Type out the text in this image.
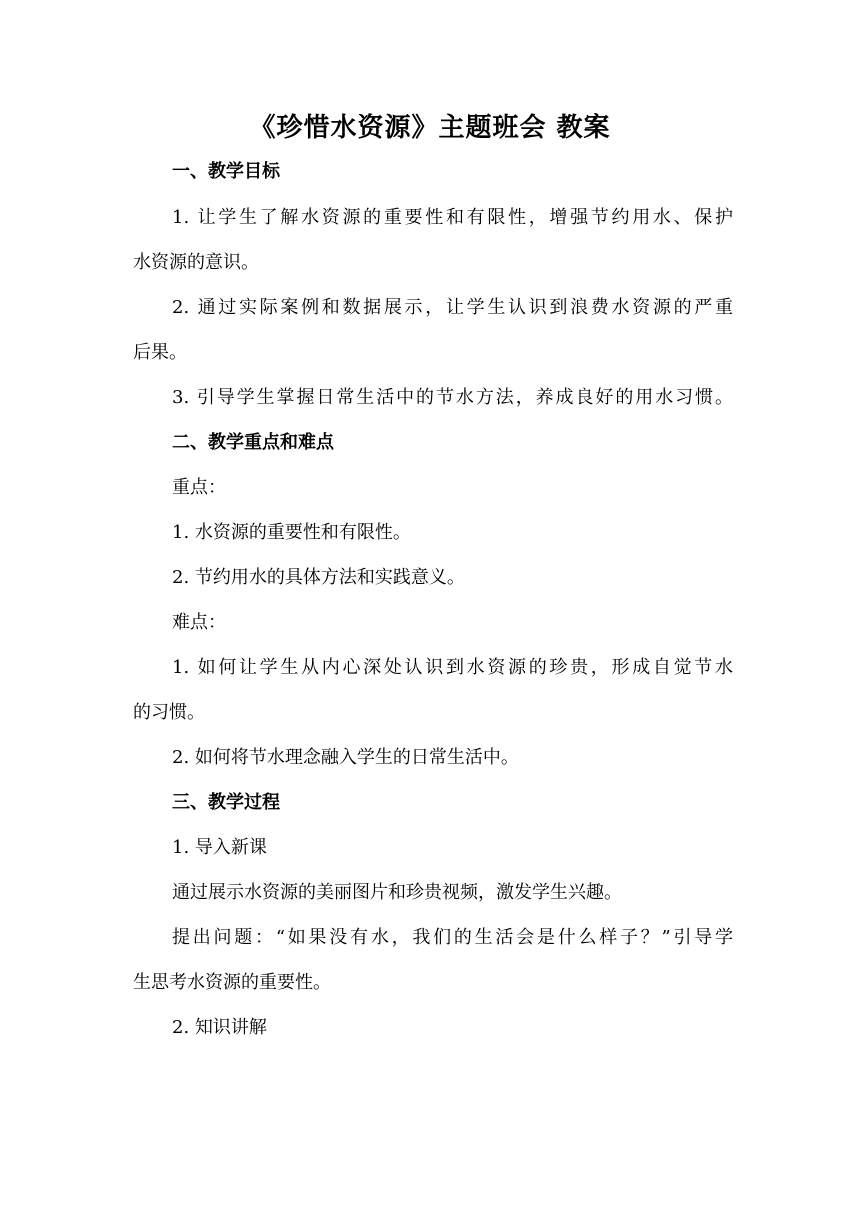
《珍惜水资源》主题班会 教案
一、教学目标
1. 让学生了解水资源的重要性和有限性，增强节约用水、保护
水资源的意识。
2. 通过实际案例和数据展示，让学生认识到浪费水资源的严重
后果。
3. 引导学生掌握日常生活中的节水方法，养成良好的用水习惯。
二、教学重点和难点
重点：
1. 水资源的重要性和有限性。
2. 节约用水的具体方法和实践意义。
难点：
1. 如何让学生从内心深处认识到水资源的珍贵，形成自觉节水
的习惯。
2. 如何将节水理念融入学生的日常生活中。
三、教学过程
1. 导入新课
通过展示水资源的美丽图片和珍贵视频，激发学生兴趣。
提出问题：“如果没有水，我们的生活会是什么样子？”引导学
生思考水资源的重要性。
2. 知识讲解
